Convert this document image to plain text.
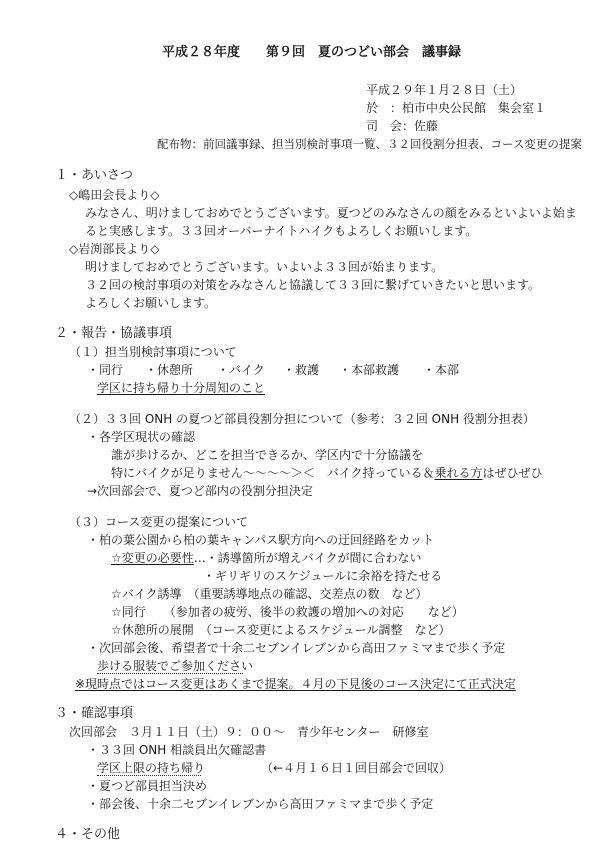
平成２８年度　　第９回　夏のつどい部会　議事録
平成２９年１月２８日（土）
於　：柏市中央公民館　集会室１
司　会：佐藤
配布物：前回議事録、担当別検討事項一覧、３２回役割分担表、コース変更の提案
１・あいさつ
◇嶋田会長より◇
みなさん、明けましておめでとうございます。夏つどのみなさんの顔をみるといよいよ始ま
ると実感します。３３回オーバーナイトハイクもよろしくお願いします。
◇岩渕部長より◇
明けましておめでとうございます。いよいよ３３回が始まります。
３２回の検討事項の対策をみなさんと協議して３３回に繋げていきたいと思います。
よろしくお願いします。
２・報告・協議事項
（１）担当別検討事項について
・同行 ・休憩所 ・バイク ・救護 ・本部救護 ・本部
学区に持ち帰り十分周知のこと
（２）３３回 ONH の夏つど部員役割分担について（参考：３２回 ONH 役割分担表）
・各学区現状の確認
誰が歩けるか、どこを担当できるか、学区内で十分協議を
特にバイクが足りません～～～～＞＜　バイク持っている＆乗れる方はぜひぜひ
→次回部会で、夏つど部内の役割分担決定
（３）コース変更の提案について
・柏の葉公園から柏の葉キャンパス駅方向への迂回経路をカット
☆変更の必要性…・誘導箇所が増えバイクが間に合わない
・ギリギリのスケジュールに余裕を持たせる
☆バイク誘導　（重要誘導地点の確認、交差点の数　など）
☆同行　　（参加者の疲労、後半の救護の増加への対応　　など）
☆休憩所の展開　（コース変更によるスケジュール調整　など）
・次回部会後、希望者で十余二セブンイレブンから高田ファミマまで歩く予定
歩ける服装でご参加ください
※現時点ではコース変更はあくまで提案。４月の下見後のコース決定にて正式決定
３・確認事項
次回部会　３月１１日（土）９：００～　青少年センター　研修室
・３３回 ONH 相談員出欠確認書
学区上限の持ち帰り	（←４月１６日１回目部会で回収）
・夏つど部員担当決め
・部会後、十余二セブンイレブンから高田ファミマまで歩く予定
４・その他
